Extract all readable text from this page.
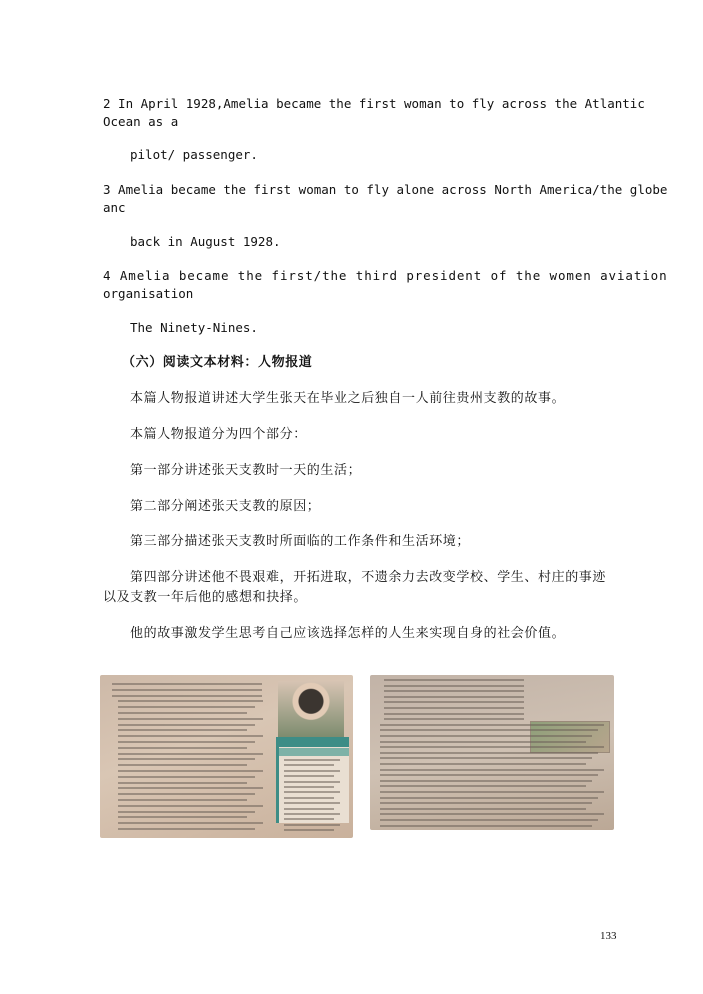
2 In April 1928,Amelia became the first woman to fly across the Atlantic
Ocean as a
pilot/ passenger.
3 Amelia became the first woman to fly alone across North America/the globe
anc
back in August 1928.
4 Amelia became the first/the third president of the women aviation
organisation
The Ninety-Nines.
（六）阅读文本材料：人物报道
本篇人物报道讲述大学生张天在毕业之后独自一人前往贵州支教的故事。
本篇人物报道分为四个部分：
第一部分讲述张天支教时一天的生活；
第二部分阐述张天支教的原因；
第三部分描述张天支教时所面临的工作条件和生活环境；
第四部分讲述他不畏艰难，开拓进取，不遗余力去改变学校、学生、村庄的事迹
以及支教一年后他的感想和抉择。
他的故事激发学生思考自己应该选择怎样的人生来实现自身的社会价值。
133
